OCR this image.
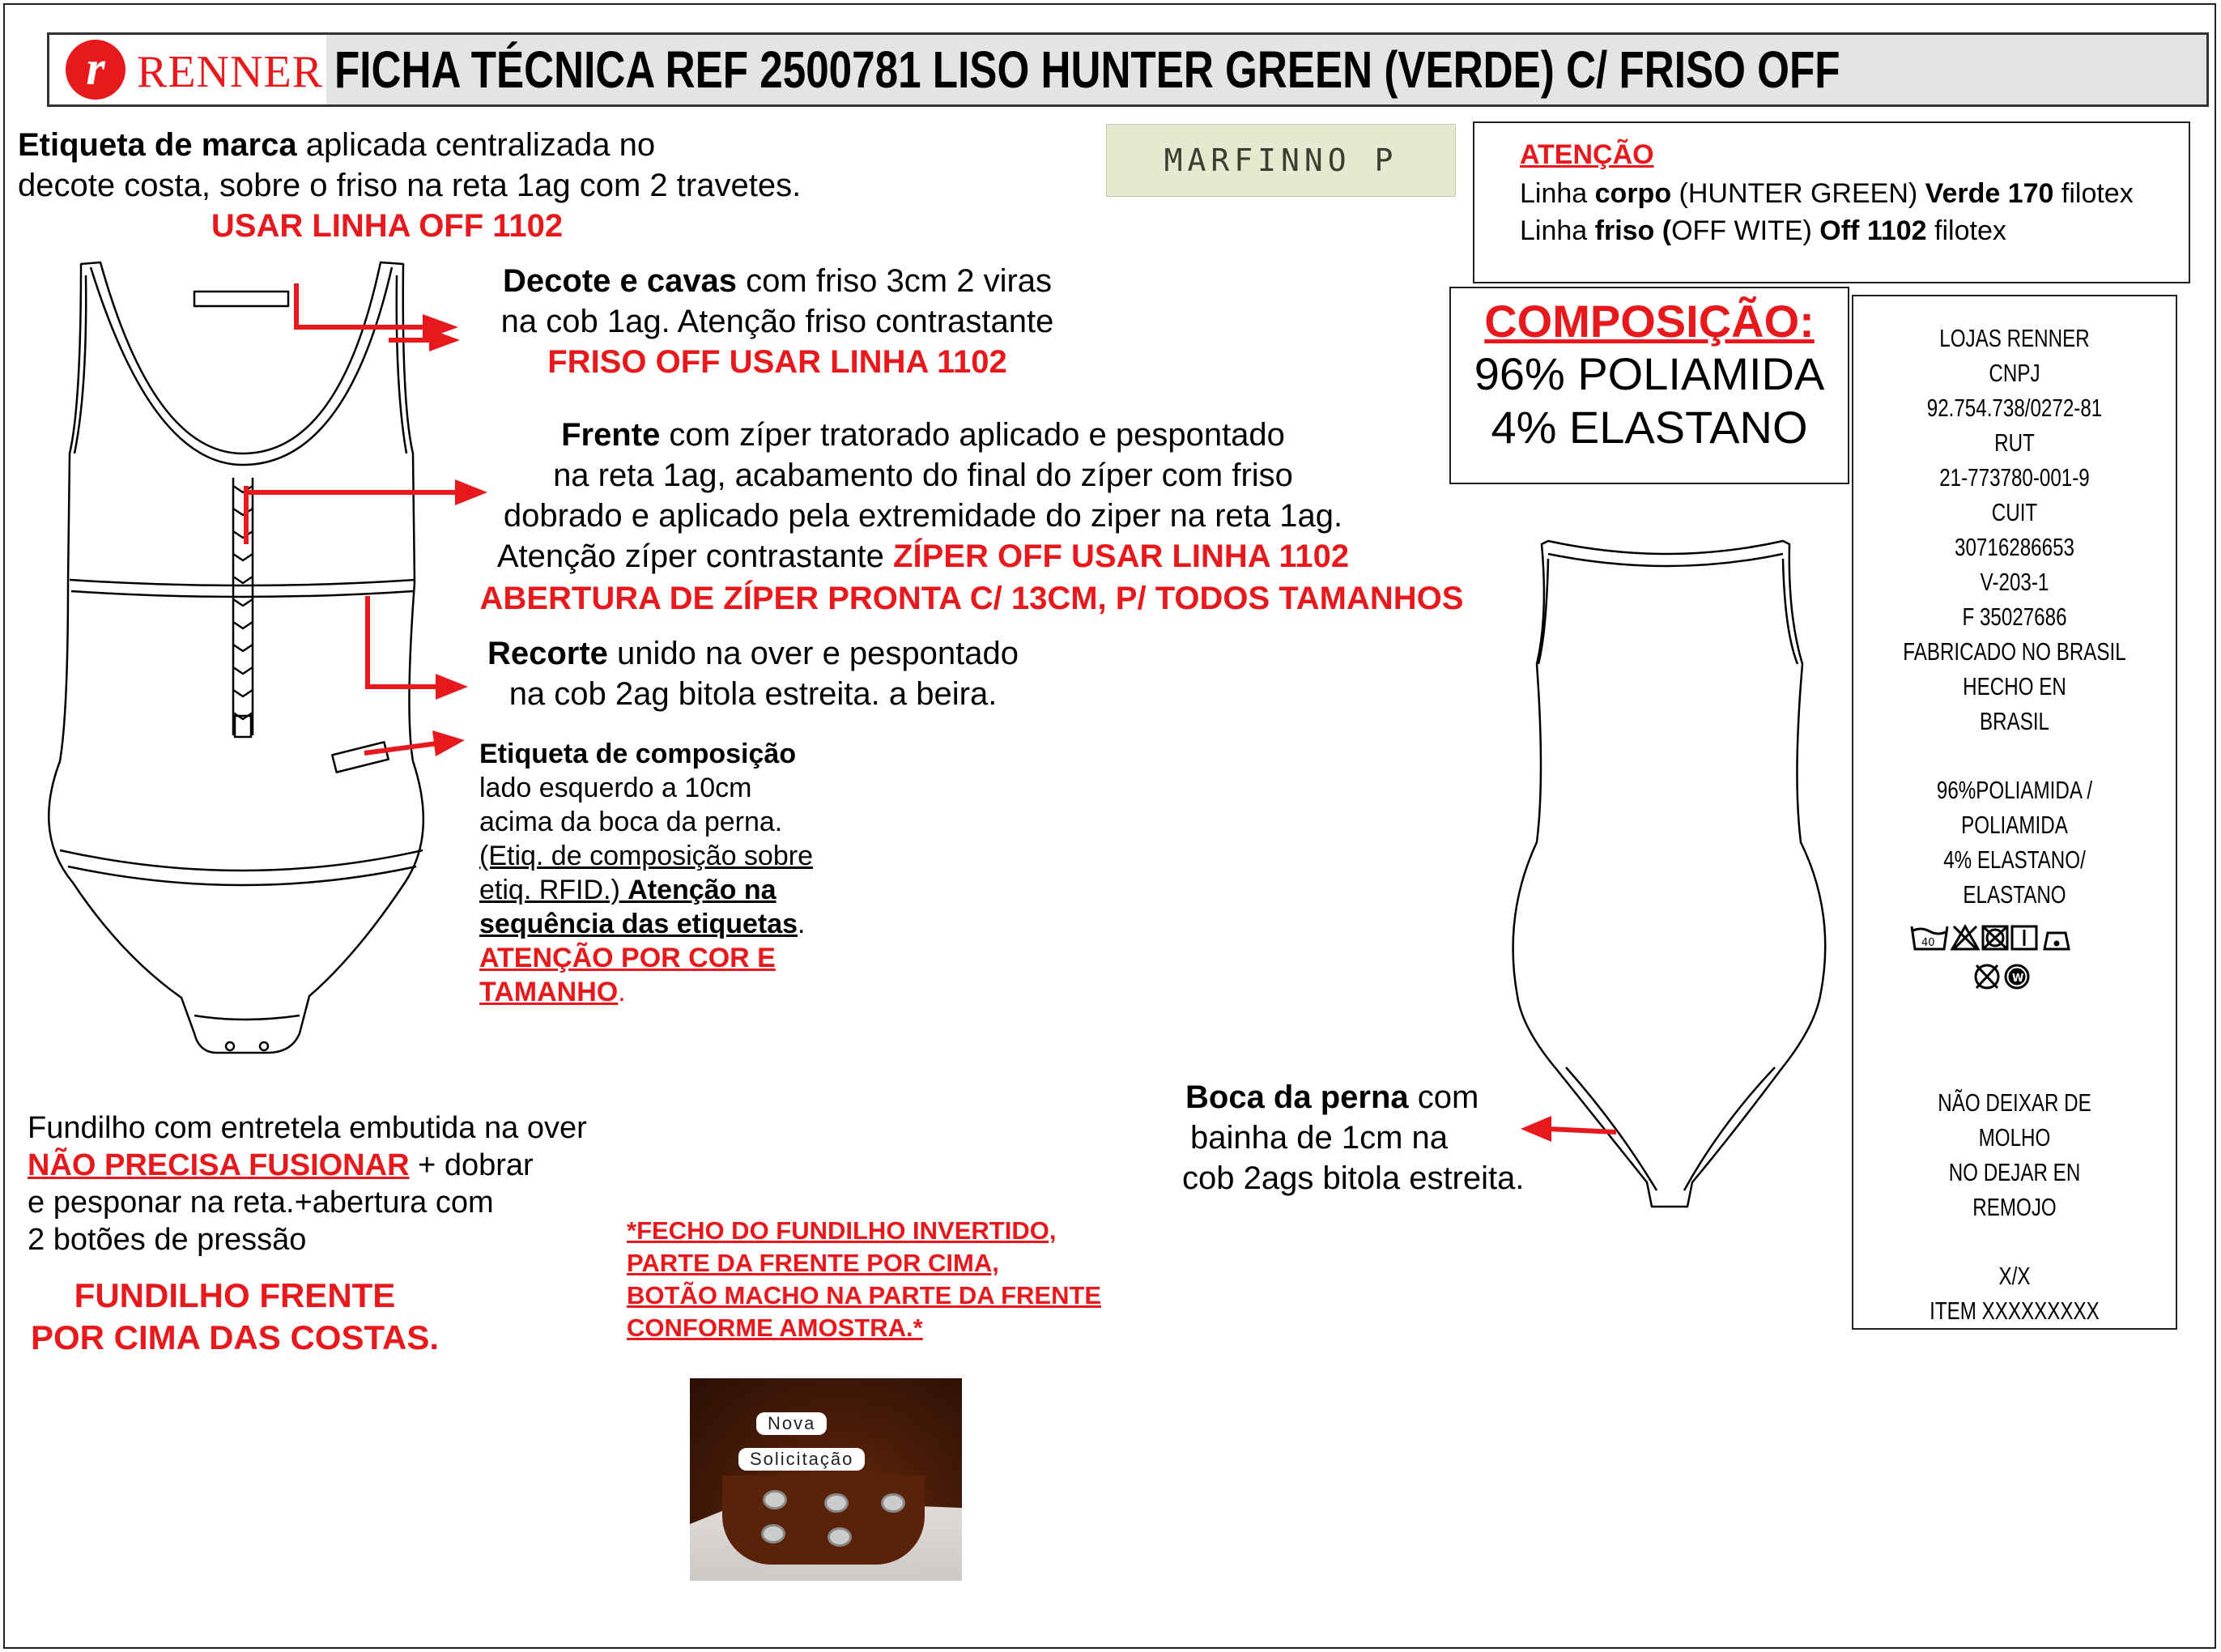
r RENNER FICHA TÉCNICA REF 2500781 LISO HUNTER GREEN (VERDE) C/ FRISO OFF
Etiqueta de marca aplicada centralizada no
decote costa, sobre o friso na reta 1ag com 2 travetes.
USAR LINHA OFF 1102
MARFINNO P	ATENÇÃO
Linha corpo (HUNTER GREEN) Verde 170 filotex
Linha friso (OFF WITE) Off 1102 filotex
COMPOSIÇÃO:
96% POLIAMIDA
4% ELASTANO
LOJAS RENNER
CNPJ
92.754.738/0272-81
RUT
21-773780-001-9
CUIT
30716286653
V-203-1
F 35027686
FABRICADO NO BRASIL
HECHO EN
BRASIL
96%POLIAMIDA /
POLIAMIDA
4% ELASTANO/
ELASTANO
40
W
NÃO DEIXAR DE
MOLHO
NO DEJAR EN
REMOJO
X/X
ITEM XXXXXXXXX
Decote e cavas com friso 3cm 2 viras
na cob 1ag. Atenção friso contrastante
FRISO OFF USAR LINHA 1102
Frente com zíper tratorado aplicado e pespontado
na reta 1ag, acabamento do final do zíper com friso
dobrado e aplicado pela extremidade do ziper na reta 1ag.
Atenção zíper contrastante ZÍPER OFF USAR LINHA 1102
ABERTURA DE ZÍPER PRONTA C/ 13CM, P/ TODOS TAMANHOS
Recorte unido na over e pespontado
na cob 2ag bitola estreita. a beira.
Etiqueta de composição
lado esquerdo a 10cm
acima da boca da perna.
(Etiq. de composição sobre
etiq. RFID.) Atenção na
sequência das etiquetas.
ATENÇÃO POR COR E
TAMANHO.
Boca da perna com
bainha de 1cm na
cob 2ags bitola estreita.
Fundilho com entretela embutida na over
NÃO PRECISA FUSIONAR + dobrar
e pesponar na reta.+abertura com
2 botões de pressão
FUNDILHO FRENTE
POR CIMA DAS COSTAS.
*FECHO DO FUNDILHO INVERTIDO,
PARTE DA FRENTE POR CIMA,
BOTÃO MACHO NA PARTE DA FRENTE
CONFORME AMOSTRA.*
Nova
Solicitação
